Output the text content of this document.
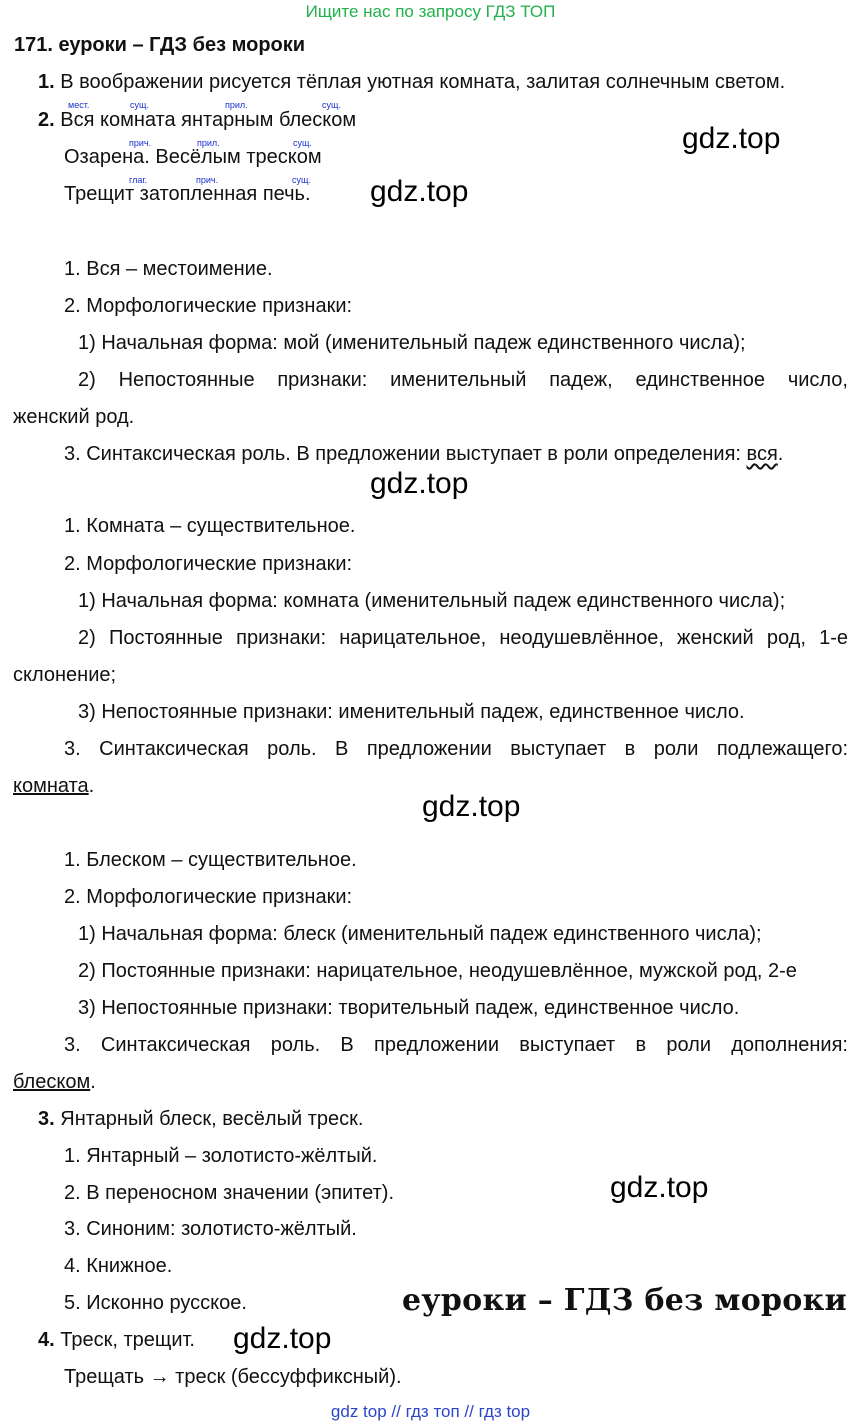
Ищите нас по запросу ГДЗ ТОП
171. еуроки – ГДЗ без мороки
1. В воображении рисуется тёплая уютная комната, залитая солнечным светом.
мест.	сущ.	прил.	сущ.
2. Вся комната янтарным блеском
прич.	прил.	сущ.
Озарена. Весёлым треском
глаг.	прич.	сущ.
Трещит затопленная печь.
gdz.top
gdz.top
1. Вся – местоимение.
2. Морфологические признаки:
1) Начальная форма: мой (именительный падеж единственного числа);
2) Непостоянные признаки: именительный падеж, единственное число,
женский род.
3. Синтаксическая роль. В предложении выступает в роли определения: вся.
gdz.top
1. Комната – существительное.
2. Морфологические признаки:
1) Начальная форма: комната (именительный падеж единственного числа);
2) Постоянные признаки: нарицательное, неодушевлённое, женский род, 1-е
склонение;
3) Непостоянные признаки: именительный падеж, единственное число.
3. Синтаксическая роль. В предложении выступает в роли подлежащего:
комната.
gdz.top
1. Блеском – существительное.
2. Морфологические признаки:
1) Начальная форма: блеск (именительный падеж единственного числа);
2) Постоянные признаки: нарицательное, неодушевлённое, мужской род, 2-е
3) Непостоянные признаки: творительный падеж, единственное число.
3. Синтаксическая роль. В предложении выступает в роли дополнения:
блеском.
3. Янтарный блеск, весёлый треск.
1. Янтарный – золотисто-жёлтый.
2. В переносном значении (эпитет).
3. Синоним: золотисто-жёлтый.
4. Книжное.
5. Исконно русское.
gdz.top
еуроки – ГДЗ без мороки
4. Треск, трещит. gdz.top
Трещать → треск (бессуффиксный).
gdz top // гдз топ // гдз top
